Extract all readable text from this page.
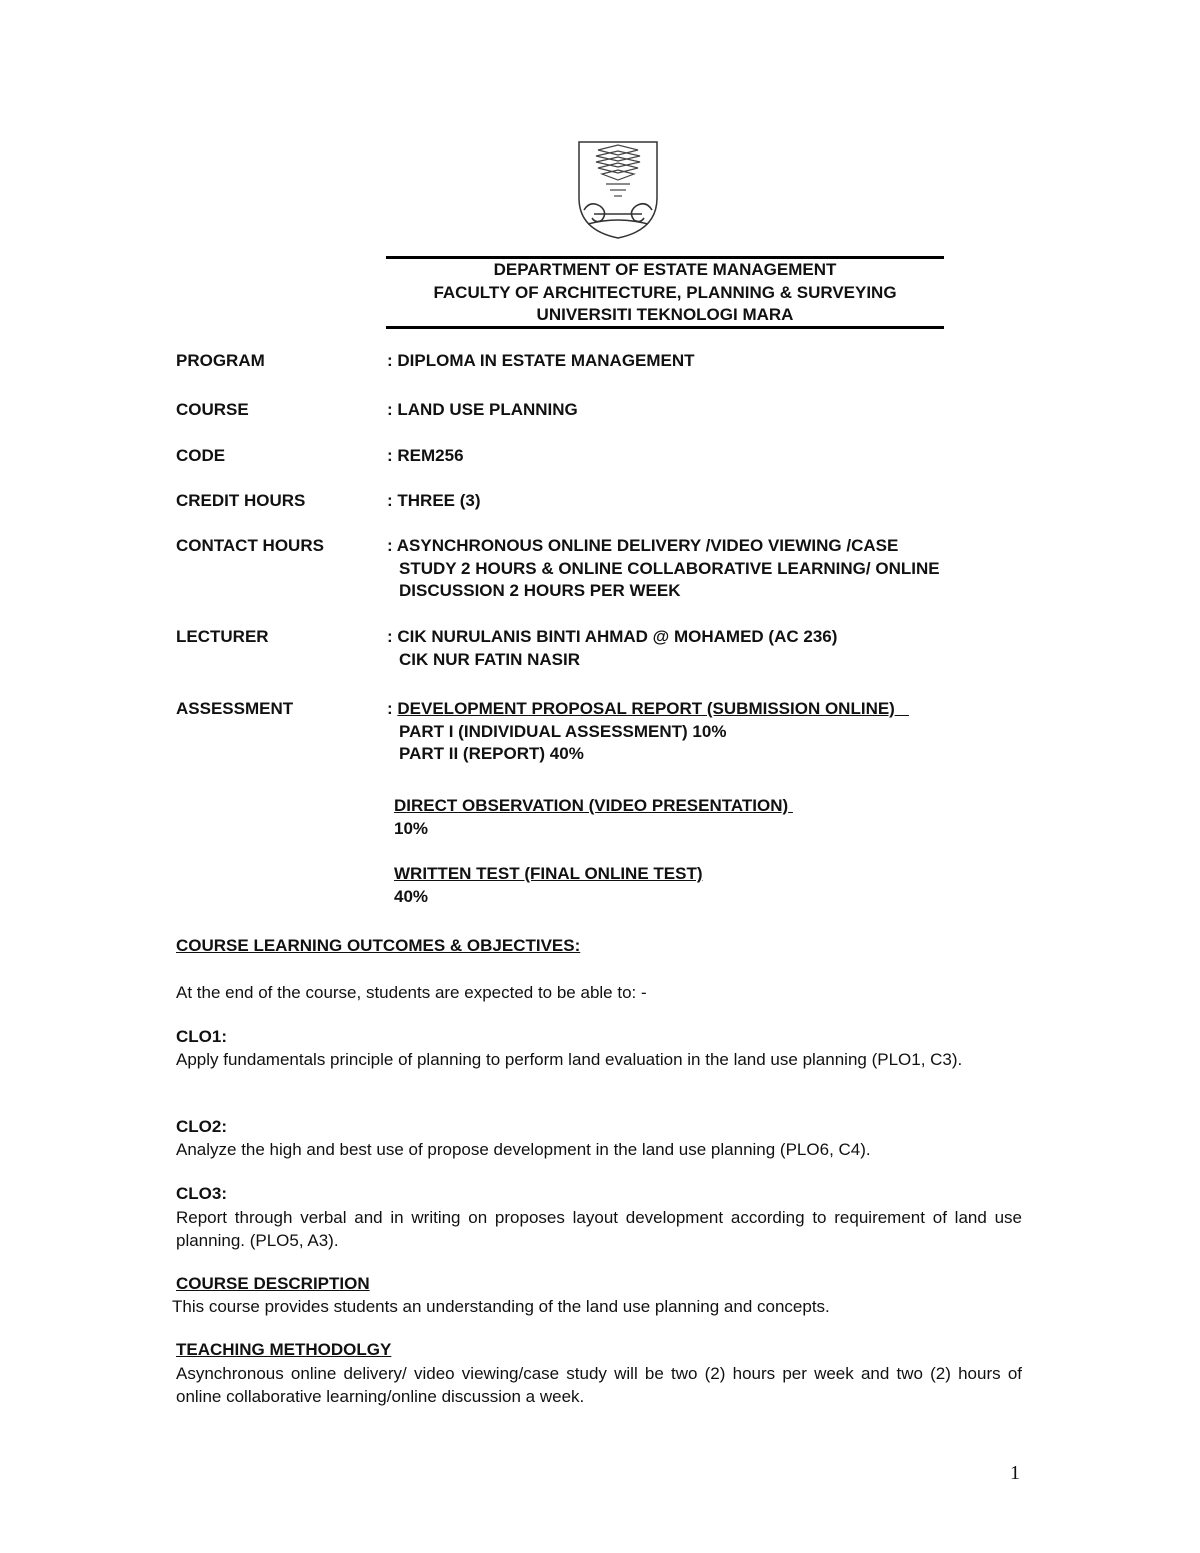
DEPARTMENT OF ESTATE MANAGEMENT
FACULTY OF ARCHITECTURE, PLANNING & SURVEYING
UNIVERSITI TEKNOLOGI MARA
PROGRAM	: DIPLOMA IN ESTATE MANAGEMENT
COURSE	: LAND USE PLANNING
CODE	: REM256
CREDIT HOURS	: THREE (3)
CONTACT HOURS	: ASYNCHRONOUS ONLINE DELIVERY /VIDEO VIEWING /CASE
STUDY 2 HOURS & ONLINE COLLABORATIVE LEARNING/ ONLINE
DISCUSSION 2 HOURS PER WEEK
LECTURER	: CIK NURULANIS BINTI AHMAD @ MOHAMED (AC 236)
CIK NUR FATIN NASIR
ASSESSMENT	: DEVELOPMENT PROPOSAL REPORT (SUBMISSION ONLINE)
PART I (INDIVIDUAL ASSESSMENT) 10%
PART II (REPORT) 40%
DIRECT OBSERVATION (VIDEO PRESENTATION)
10%
WRITTEN TEST (FINAL ONLINE TEST)
40%
COURSE LEARNING OUTCOMES & OBJECTIVES:
At the end of the course, students are expected to be able to: -
CLO1:
Apply fundamentals principle of planning to perform land evaluation in the land use planning (PLO1, C3).
CLO2:
Analyze the high and best use of propose development in the land use planning (PLO6, C4).
CLO3:
Report through verbal and in writing on proposes layout development according to requirement of land use planning. (PLO5, A3).
COURSE DESCRIPTION
This course provides students an understanding of the land use planning and concepts.
TEACHING METHODOLGY
Asynchronous online delivery/ video viewing/case study will be two (2) hours per week and two (2) hours of online collaborative learning/online discussion a week.
1
